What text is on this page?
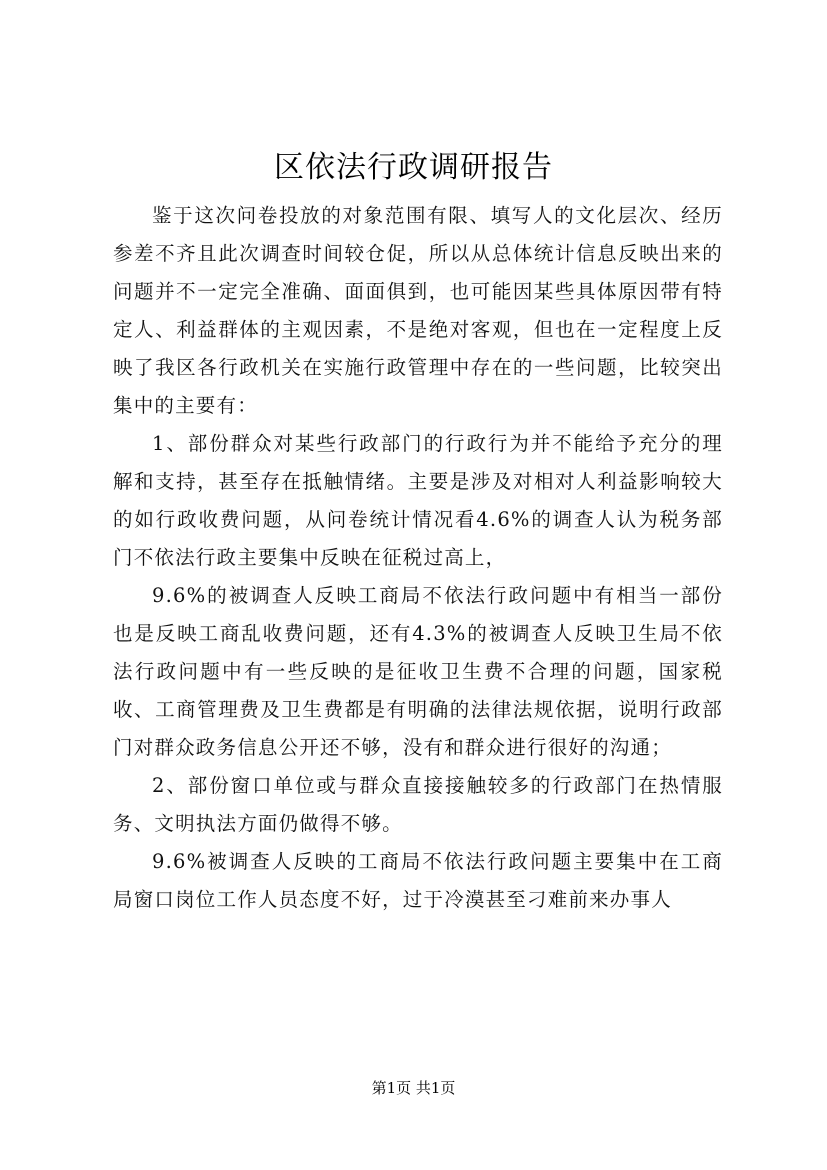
区依法行政调研报告

鉴于这次问卷投放的对象范围有限、填写人的文化层次、经历参差不齐且此次调查时间较仓促，所以从总体统计信息反映出来的问题并不一定完全准确、面面俱到，也可能因某些具体原因带有特定人、利益群体的主观因素，不是绝对客观，但也在一定程度上反映了我区各行政机关在实施行政管理中存在的一些问题，比较突出集中的主要有：

1、部份群众对某些行政部门的行政行为并不能给予充分的理解和支持，甚至存在抵触情绪。主要是涉及对相对人利益影响较大的如行政收费问题，从问卷统计情况看4.6%的调查人认为税务部门不依法行政主要集中反映在征税过高上，

9.6%的被调查人反映工商局不依法行政问题中有相当一部份也是反映工商乱收费问题，还有4.3%的被调查人反映卫生局不依法行政问题中有一些反映的是征收卫生费不合理的问题，国家税收、工商管理费及卫生费都是有明确的法律法规依据，说明行政部门对群众政务信息公开还不够，没有和群众进行很好的沟通；

2、部份窗口单位或与群众直接接触较多的行政部门在热情服务、文明执法方面仍做得不够。

9.6%被调查人反映的工商局不依法行政问题主要集中在工商局窗口岗位工作人员态度不好，过于冷漠甚至刁难前来办事人

第1页 共1页
